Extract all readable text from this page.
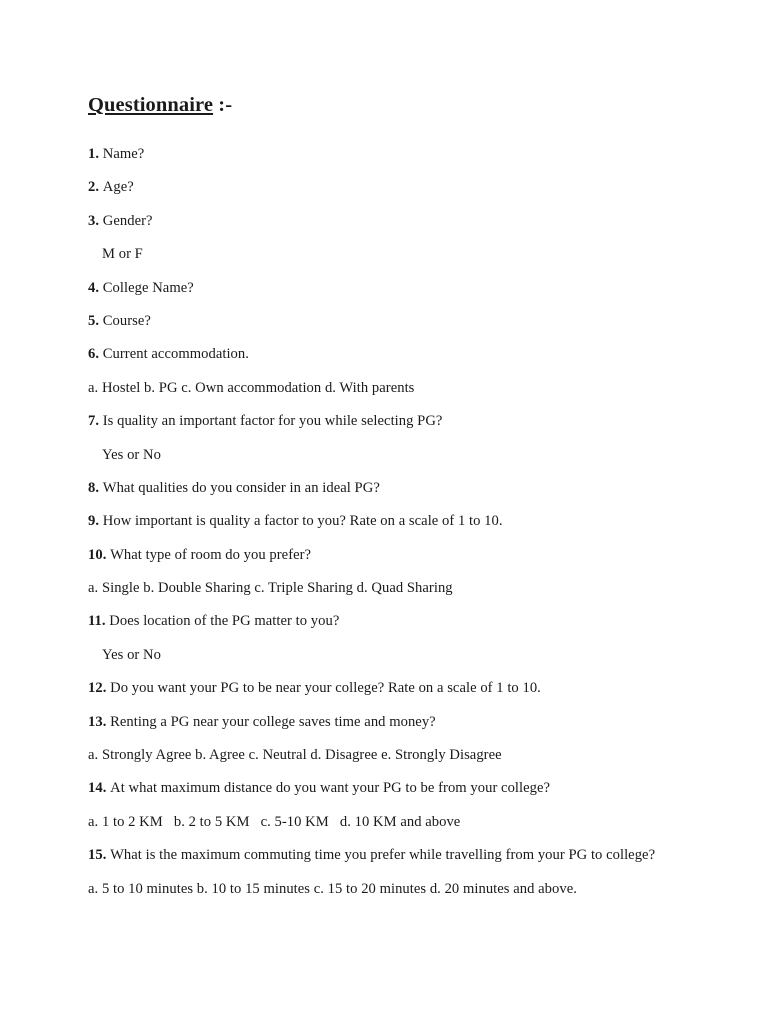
Questionnaire :-

1. Name?

2. Age?

3. Gender?

M or F

4. College Name?

5. Course?

6. Current accommodation.

a. Hostel b. PG c. Own accommodation d. With parents

7. Is quality an important factor for you while selecting PG?

Yes or No

8. What qualities do you consider in an ideal PG?

9. How important is quality a factor to you? Rate on a scale of 1 to 10.

10. What type of room do you prefer?

a. Single b. Double Sharing c. Triple Sharing d. Quad Sharing

11. Does location of the PG matter to you?

Yes or No

12. Do you want your PG to be near your college? Rate on a scale of 1 to 10.

13. Renting a PG near your college saves time and money?

a. Strongly Agree b. Agree c. Neutral d. Disagree e. Strongly Disagree

14. At what maximum distance do you want your PG to be from your college?

a. 1 to 2 KM   b. 2 to 5 KM   c. 5-10 KM   d. 10 KM and above

15. What is the maximum commuting time you prefer while travelling from your PG to college?

a. 5 to 10 minutes b. 10 to 15 minutes c. 15 to 20 minutes d. 20 minutes and above.
